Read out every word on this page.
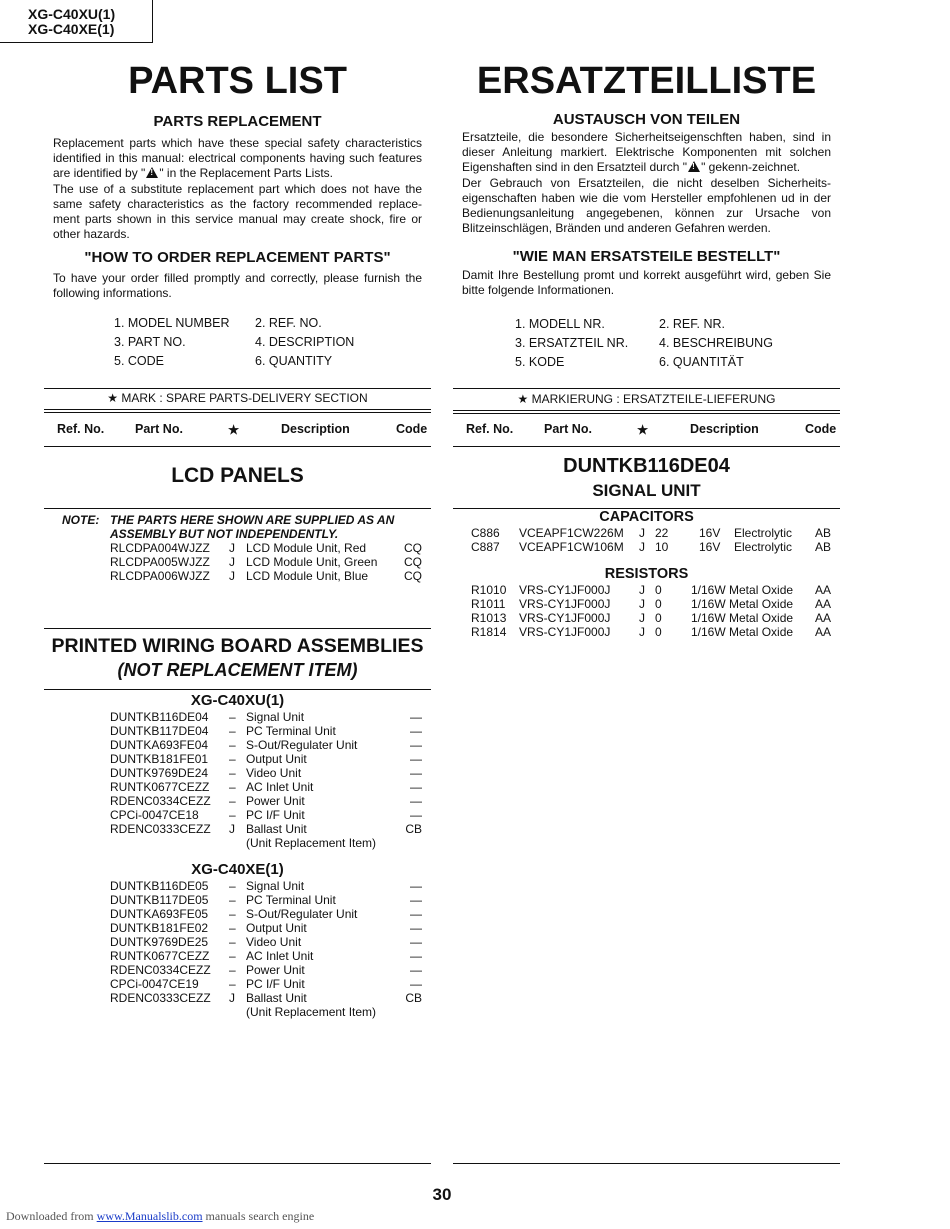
XG-C40XU(1)
XG-C40XE(1)
PARTS LIST
PARTS REPLACEMENT

Replacement parts which have these special safety characteristics identified in this manual: electrical components having such features are identified by " ! " in the Replacement Parts Lists.

The use of a substitute replacement part which does not have the same safety characteristics as the factory recommended replace-ment parts shown in this service manual may create shock, fire or other hazards.

"HOW TO ORDER REPLACEMENT PARTS"
To have your order filled promptly and correctly, please furnish the following informations.
1. MODEL NUMBER 2. REF. NO.
3. PART NO.	4. DESCRIPTION
5. CODE	6. QUANTITY
★ MARK : SPARE PARTS-DELIVERY SECTION
Ref. No. Part No.	★	Description	Code
LCD PANELS
NOTE: THE PARTS HERE SHOWN ARE SUPPLIED AS AN
ASSEMBLY BUT NOT INDEPENDENTLY.
RLCDPA004WJZZ J LCD Module Unit, Red	CQ
RLCDPA005WJZZ J LCD Module Unit, Green CQ
RLCDPA006WJZZ J LCD Module Unit, Blue	CQ
PRINTED WIRING BOARD ASSEMBLIES
(NOT REPLACEMENT ITEM)
XG-C40XU(1)
DUNTKB116DE04 – Signal Unit	—
DUNTKB117DE04 – PC Terminal Unit	—
DUNTKA693FE04 – S-Out/Regulater Unit	—
DUNTKB181FE01 – Output Unit	—
DUNTK9769DE24 – Video Unit	—
RUNTK0677CEZZ – AC Inlet Unit	—
RDENC0334CEZZ – Power Unit	—
CPCi-0047CE18	– PC I/F Unit	—
RDENC0333CEZZ J Ballast Unit	CB
(Unit Replacement Item)
XG-C40XE(1)
DUNTKB116DE05 – Signal Unit	—
DUNTKB117DE05 – PC Terminal Unit	—
DUNTKA693FE05 – S-Out/Regulater Unit	—
DUNTKB181FE02 – Output Unit	—
DUNTK9769DE25 – Video Unit	—
RUNTK0677CEZZ – AC Inlet Unit	—
RDENC0334CEZZ – Power Unit	—
CPCi-0047CE19	– PC I/F Unit	—
RDENC0333CEZZ J Ballast Unit	CB
(Unit Replacement Item)
ERSATZTEILLISTE
AUSTAUSCH VON TEILEN

Ersatzteile, die besondere Sicherheitseigenschften haben, sind in dieser Anleitung markiert. Elektrische Komponenten mit solchen Eigenshaften sind in den Ersatzteil durch " ! " gekenn-zeichnet.

Der Gebrauch von Ersatzteilen, die nicht deselben Sicherheits-eigenschaften haben wie die vom Hersteller empfohlenen ud in der Bedienungsanleitung angegebenen, können zur Ursache von Blitzeinschlägen, Bränden und anderen Gefahren werden.

"WIE MAN ERSATSTEILE BESTELLT"
Damit Ihre Bestellung promt und korrekt ausgeführt wird, geben Sie bitte folgende Informationen.
1. MODELL NR.	2. REF. NR.
3. ERSATZTEIL NR. 4. BESCHREIBUNG
5. KODE	6. QUANTITÄT
★ MARKIERUNG : ERSATZTEILE-LIEFERUNG
Ref. No. Part No.	★	Description	Code
DUNTKB116DE04
SIGNAL UNIT
CAPACITORS
C886 VCEAPF1CW226M J 22	16V Electrolytic AB
C887 VCEAPF1CW106M J 10	16V Electrolytic AB
RESISTORS
R1010 VRS-CY1JF000J J 0 1/16W Metal Oxide AA
R1011 VRS-CY1JF000J J 0 1/16W Metal Oxide AA
R1013 VRS-CY1JF000J J 0 1/16W Metal Oxide AA
R1814 VRS-CY1JF000J J 0 1/16W Metal Oxide AA
30
Downloaded from www.Manualslib.com manuals search engine
